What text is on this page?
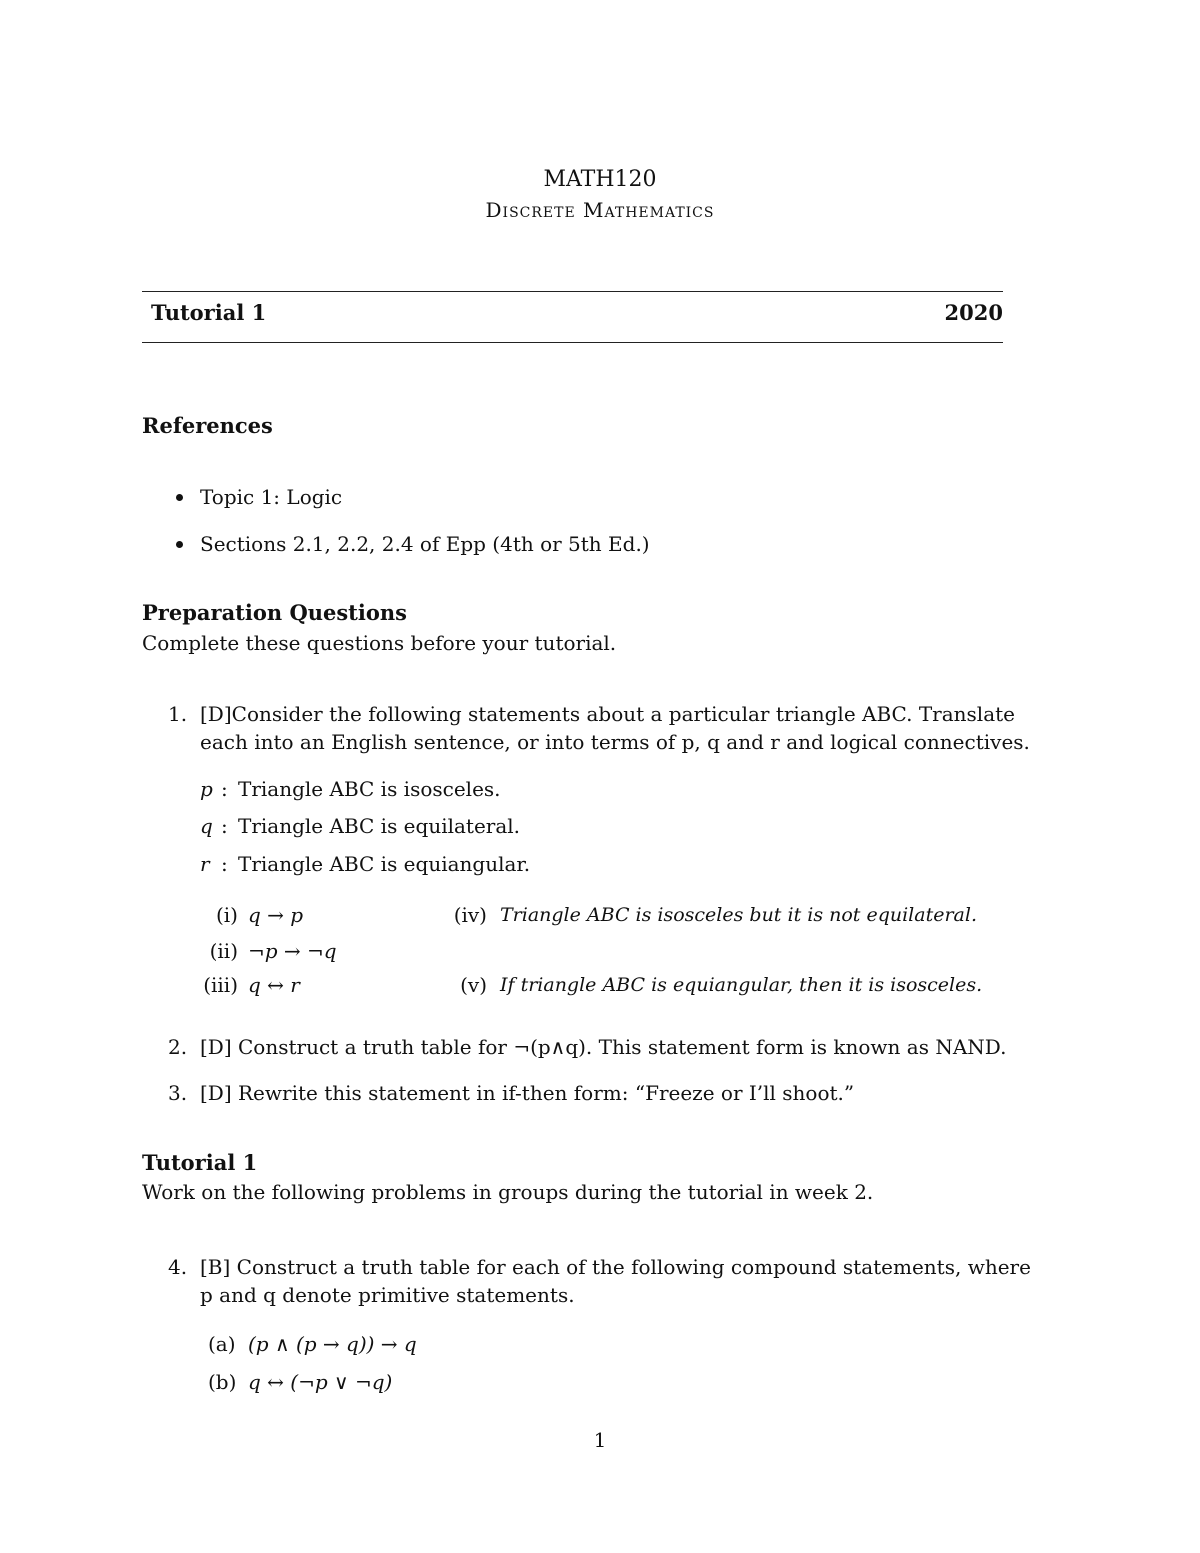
MATH120

Discrete Mathematics

Tutorial 1	2020

References

Topic 1: Logic

Sections 2.1, 2.2, 2.4 of Epp (4th or 5th Ed.)

Preparation Questions

Complete these questions before your tutorial.

1. [D]Consider the following statements about a particular triangle ABC. Translate

each into an English sentence, or into terms of p, q and r and logical connectives.

p : Triangle ABC is isosceles.

q : Triangle ABC is equilateral.

r : Triangle ABC is equiangular.

(i) q → p

(ii) ¬p → ¬q

(iii) q ↔ r

(iv) Triangle ABC is isosceles but it is not equilateral.

(v) If triangle ABC is equiangular, then it is isosceles.

2. [D] Construct a truth table for ¬(p∧q). This statement form is known as NAND.

3. [D] Rewrite this statement in if-then form: “Freeze or I’ll shoot.”

Tutorial 1

Work on the following problems in groups during the tutorial in week 2.

4. [B] Construct a truth table for each of the following compound statements, where

p and q denote primitive statements.

(a) (p ∧ (p → q)) → q

(b) q ↔ (¬p ∨ ¬q)

1
